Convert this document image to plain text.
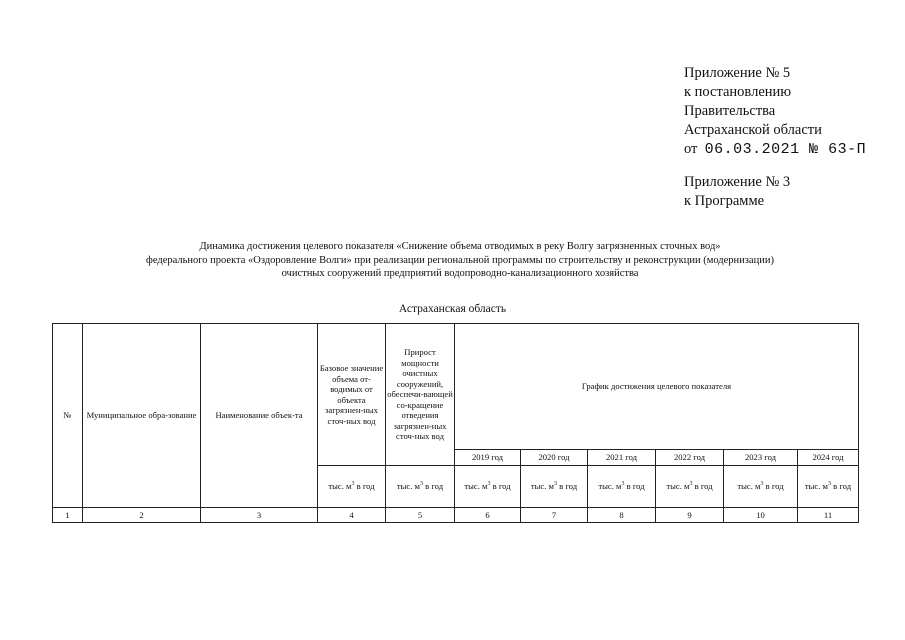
Приложение № 5
к постановлению
Правительства
Астраханской области
от 06.03.2021 № 63-П
Приложение № 3
к Программе
Динамика достижения целевого показателя «Снижение объема отводимых в реку Волгу загрязненных сточных вод»
федерального проекта «Оздоровление Волги» при реализации региональной программы по строительству и реконструкции (модернизации)
очистных сооружений предприятий водопроводно-канализационного хозяйства
Астраханская область
№	Муниципальное обра-зование	Наименование объек-та	Базовое значение объема от-водимых от объекта загрязнен-ных сточ-ных вод	Прирост мощности очистных сооружений, обеспечи-вающей со-кращение отведения загрязнен-ных сточ-ных вод	График достижения целевого показателя					
					2019 год	2020 год	2021 год	2022 год	2023 год	2024 год
			тыс. $м^3$ в год	тыс. $м^3$ в год	тыс. $м^3$ в год	тыс. $м^3$ в год	тыс. $м^3$ в год	тыс. $м^3$ в год	тыс. $м^3$ в год	тыс. $м^3$ в год
1	2	3	4	5	6	7	8	9	10	11
